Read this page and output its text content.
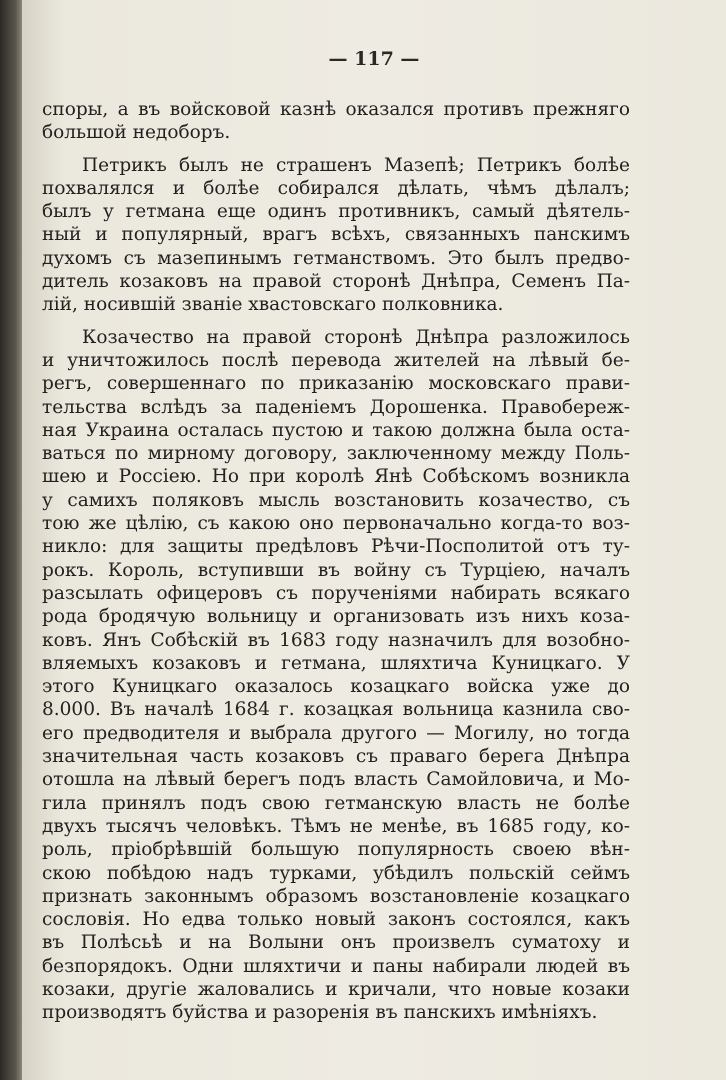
— 117 —

споры, а въ войсковой казнѣ оказался противъ прежняго
большой недоборъ.
Петрикъ былъ не страшенъ Мазепѣ; Петрикъ болѣе
похвалялся и болѣе собирался дѣлать, чѣмъ дѣлалъ;
былъ у гетмана еще одинъ противникъ, самый дѣятель-
ный и популярный, врагъ всѣхъ, связанныхъ панскимъ
духомъ съ мазепинымъ гетманствомъ. Это былъ предво-
дитель козаковъ на правой сторонѣ Днѣпра, Семенъ Па-
лій, носившій званіе хвастовскаго полковника.
Козачество на правой сторонѣ Днѣпра разложилось
и уничтожилось послѣ перевода жителей на лѣвый бе-
регъ, совершеннаго по приказанію московскаго прави-
тельства вслѣдъ за паденіемъ Дорошенка. Правобереж-
ная Украина осталась пустою и такою должна была оста-
ваться по мирному договору, заключенному между Поль-
шею и Россіею. Но при королѣ Янѣ Собѣскомъ возникла
у самихъ поляковъ мысль возстановить козачество, съ
тою же цѣлію, съ какою оно первоначально когда-то воз-
никло: для защиты предѣловъ Рѣчи-Посполитой отъ ту-
рокъ. Король, вступивши въ войну съ Турціею, началъ
разсылать офицеровъ съ порученіями набирать всякаго
рода бродячую вольницу и организовать изъ нихъ коза-
ковъ. Янъ Собѣскій въ 1683 году назначилъ для возобно-
вляемыхъ козаковъ и гетмана, шляхтича Куницкаго. У
этого Куницкаго оказалось козацкаго войска уже до
8.000. Въ началѣ 1684 г. козацкая вольница казнила сво-
его предводителя и выбрала другого — Могилу, но тогда
значительная часть козаковъ съ праваго берега Днѣпра
отошла на лѣвый берегъ подъ власть Самойловича, и Мо-
гила принялъ подъ свою гетманскую власть не болѣе
двухъ тысячъ человѣкъ. Тѣмъ не менѣе, въ 1685 году, ко-
роль, пріобрѣвшій большую популярность своею вѣн-
скою побѣдою надъ турками, убѣдилъ польскій сеймъ
признать законнымъ образомъ возстановленіе козацкаго
сословія. Но едва только новый законъ состоялся, какъ
въ Полѣсьѣ и на Волыни онъ произвелъ суматоху и
безпорядокъ. Одни шляхтичи и паны набирали людей въ
козаки, другіе жаловались и кричали, что новые козаки
производятъ буйства и разоренія въ панскихъ имѣніяхъ.
